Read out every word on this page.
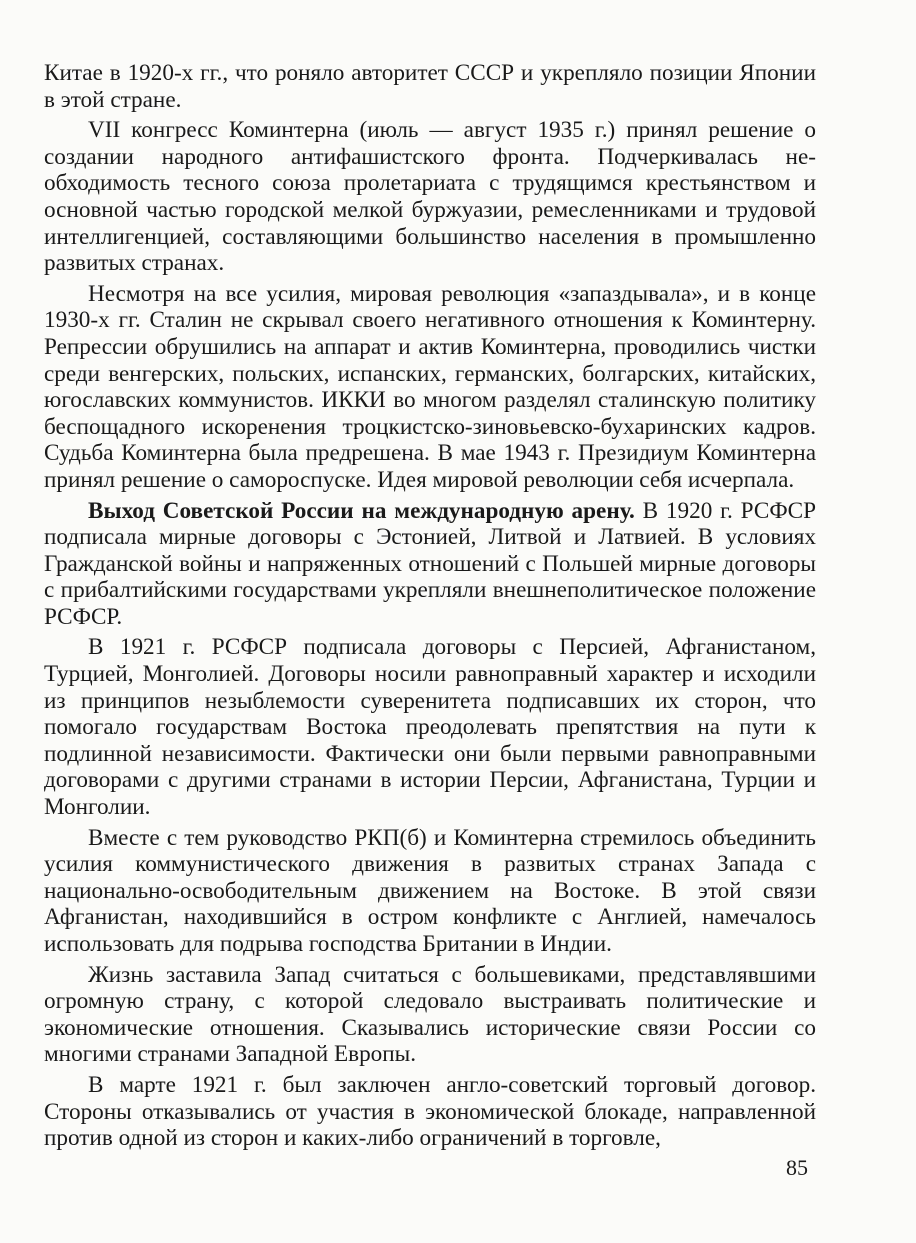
Китае в 1920-х гг., что роняло авторитет СССР и укрепляло позиции Японии в этой стране.

VII конгресс Коминтерна (июль — август 1935 г.) принял решение о создании народного антифашистского фронта. Подчеркивалась необходимость тесного союза пролетариата с трудящимся крестьянством и основной частью городской мелкой буржуазии, ремесленниками и трудовой интеллигенцией, составляющими большинство населения в промышленно развитых странах.

Несмотря на все усилия, мировая революция «запаздывала», и в конце 1930-х гг. Сталин не скрывал своего негативного отношения к Коминтерну. Репрессии обрушились на аппарат и актив Коминтерна, проводились чистки среди венгерских, польских, испанских, германских, болгарских, китайских, югославских коммунистов. ИККИ во многом разделял сталинскую политику беспощадного искоренения троцкистско-зиновьевско-бухаринских кадров. Судьба Коминтерна была предрешена. В мае 1943 г. Президиум Коминтерна принял решение о самороспуске. Идея мировой революции себя исчерпала.

Выход Советской России на международную арену. В 1920 г. РСФСР подписала мирные договоры с Эстонией, Литвой и Латвией. В условиях Гражданской войны и напряженных отношений с Польшей мирные договоры с прибалтийскими государствами укрепляли внешнеполитическое положение РСФСР.

В 1921 г. РСФСР подписала договоры с Персией, Афганистаном, Турцией, Монголией. Договоры носили равноправный характер и исходили из принципов незыблемости суверенитета подписавших их сторон, что помогало государствам Востока преодолевать препятствия на пути к подлинной независимости. Фактически они были первыми равноправными договорами с другими странами в истории Персии, Афганистана, Турции и Монголии.

Вместе с тем руководство РКП(б) и Коминтерна стремилось объединить усилия коммунистического движения в развитых странах Запада с национально-освободительным движением на Востоке. В этой связи Афганистан, находившийся в остром конфликте с Англией, намечалось использовать для подрыва господства Британии в Индии.

Жизнь заставила Запад считаться с большевиками, представлявшими огромную страну, с которой следовало выстраивать политические и экономические отношения. Сказывались исторические связи России со многими странами Западной Европы.

В марте 1921 г. был заключен англо-советский торговый договор. Стороны отказывались от участия в экономической блокаде, направленной против одной из сторон и каких-либо ограничений в торговле,

85
